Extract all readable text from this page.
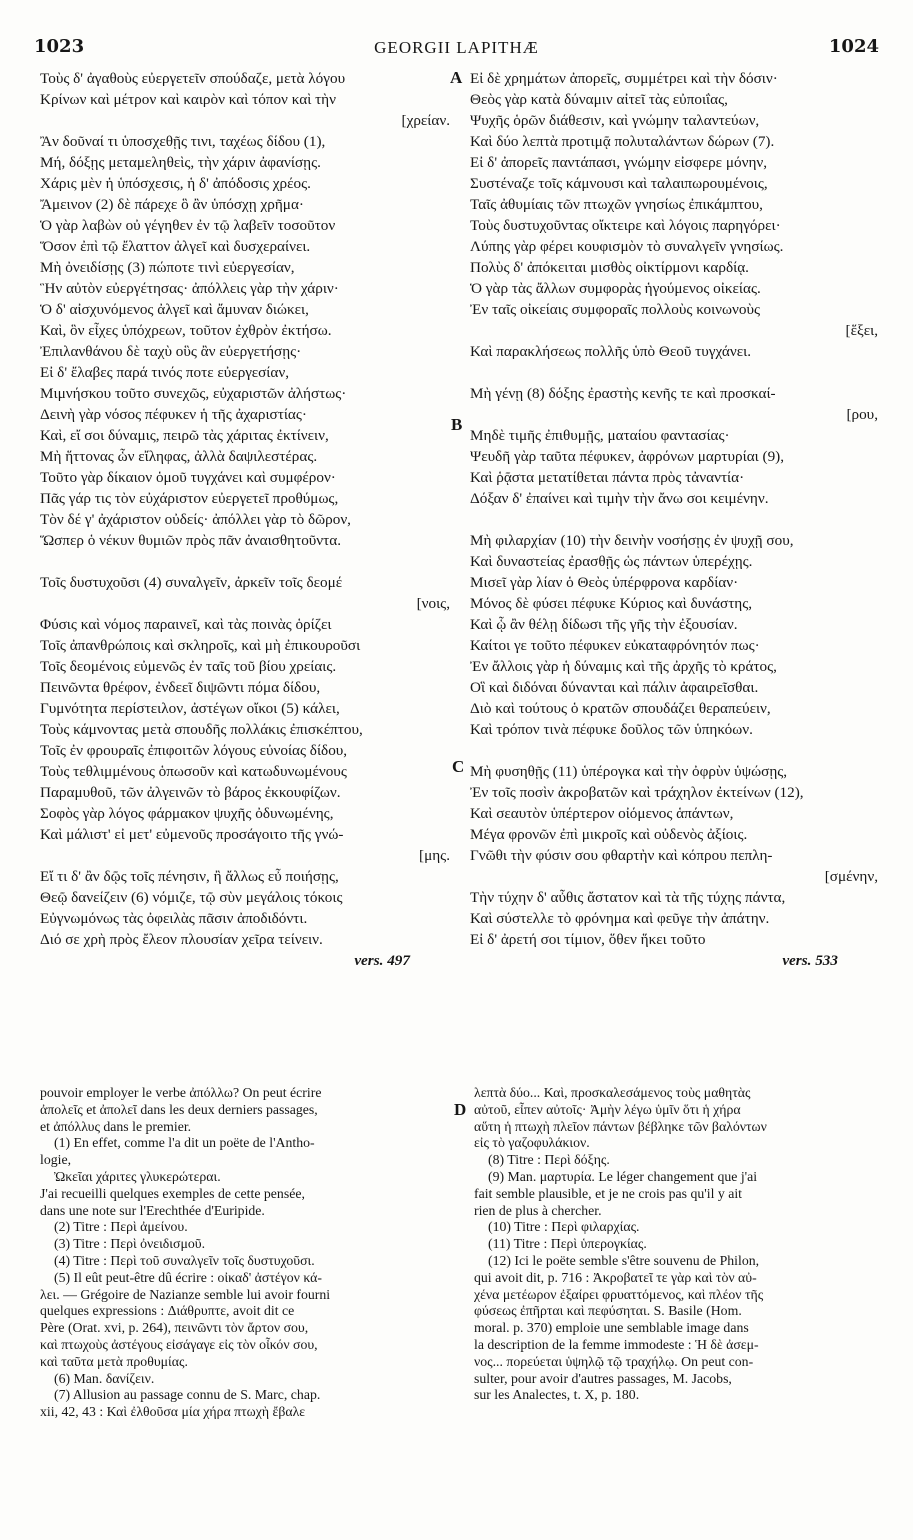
1023	GEORGII LAPITHÆ	1024
A
B
C
D
Τοὺς δ' ἀγαθοὺς εὐεργετεῖν σπούδαζε, μετὰ λόγου
Κρίνων καὶ μέτρον καὶ καιρὸν καὶ τόπον καὶ τὴν
[χρείαν.
Ἂν δοῦναί τι ὑποσχεθῇς τινι, ταχέως δίδου (1),
Μή, δόξῃς μεταμεληθεὶς, τὴν χάριν ἀφανίσῃς.
Χάρις μὲν ἡ ὑπόσχεσις, ἡ δ' ἀπόδοσις χρέος.
Ἄμεινον (2) δὲ πάρεχε ὃ ἂν ὑπόσχῃ χρῆμα·
Ὁ γὰρ λαβὼν οὐ γέγηθεν ἐν τῷ λαβεῖν τοσοῦτον
Ὅσον ἐπὶ τῷ ἔλαττον ἀλγεῖ καὶ δυσχεραίνει.
Μὴ ὀνειδίσῃς (3) πώποτε τινὶ εὐεργεσίαν,
Ἣν αὐτὸν εὐεργέτησας· ἀπόλλεις γὰρ τὴν χάριν·
Ὁ δ' αἰσχυνόμενος ἀλγεῖ καὶ ἄμυναν διώκει,
Καὶ, ὃν εἶχες ὑπόχρεων, τοῦτον ἐχθρὸν ἐκτήσω.
Ἐπιλανθάνου δὲ ταχὺ οὓς ἂν εὐεργετήσῃς·
Εἰ δ' ἔλαβες παρά τινός ποτε εὐεργεσίαν,
Μιμνήσκου τοῦτο συνεχῶς, εὐχαριστῶν ἀλήστως·
Δεινὴ γὰρ νόσος πέφυκεν ἡ τῆς ἀχαριστίας·
Καὶ, εἴ σοι δύναμις, πειρῶ τὰς χάριτας ἐκτίνειν,
Μὴ ἥττονας ὧν εἴληφας, ἀλλὰ δαψιλεστέρας.
Τοῦτο γὰρ δίκαιον ὁμοῦ τυγχάνει καὶ συμφέρον·
Πᾶς γάρ τις τὸν εὐχάριστον εὐεργετεῖ προθύμως,
Τὸν δέ γ' ἀχάριστον οὐδείς· ἀπόλλει γὰρ τὸ δῶρον,
Ὥσπερ ὁ νέκυν θυμιῶν πρὸς πᾶν ἀναισθητοῦντα.
Τοῖς δυστυχοῦσι (4) συναλγεῖν, ἀρκεῖν τοῖς δεομέ
[νοις,
Φύσις καὶ νόμος παραινεῖ, καὶ τὰς ποινὰς ὁρίζει
Τοῖς ἀπανθρώποις καὶ σκληροῖς, καὶ μὴ ἐπικουροῦσι
Τοῖς δεομένοις εὐμενῶς ἐν ταῖς τοῦ βίου χρείαις.
Πεινῶντα θρέφον, ἐνδεεῖ διψῶντι πόμα δίδου,
Γυμνότητα περίστειλον, ἀστέγων οἴκοι (5) κάλει,
Τοὺς κάμνοντας μετὰ σπουδῆς πολλάκις ἐπισκέπτου,
Τοῖς ἐν φρουραῖς ἐπιφοιτῶν λόγους εὐνοίας δίδου,
Τοὺς τεθλιμμένους ὁπωσοῦν καὶ κατωδυνωμένους
Παραμυθοῦ, τῶν ἀλγεινῶν τὸ βάρος ἐκκουφίζων.
Σοφὸς γὰρ λόγος φάρμακον ψυχῆς ὀδυνωμένης,
Καὶ μάλιστ' εἰ μετ' εὐμενοῦς προσάγοιτο τῆς γνώ-
[μης.
Εἴ τι δ' ἂν δῷς τοῖς πένησιν, ἢ ἄλλως εὖ ποιήσῃς,
Θεῷ δανείζειν (6) νόμιζε, τῷ σὺν μεγάλοις τόκοις
Εὐγνωμόνως τὰς ὀφειλὰς πᾶσιν ἀποδιδόντι.
Διό σε χρὴ πρὸς ἔλεον πλουσίαν χεῖρα τείνειν.
vers. 497
Εἰ δὲ χρημάτων ἀπορεῖς, συμμέτρει καὶ τὴν δόσιν·
Θεὸς γὰρ κατὰ δύναμιν αἰτεῖ τὰς εὐποιΐας,
Ψυχῆς ὁρῶν διάθεσιν, καὶ γνώμην ταλαντεύων,
Καὶ δύο λεπτὰ προτιμᾷ πολυταλάντων δώρων (7).
Εἰ δ' ἀπορεῖς παντάπασι, γνώμην εἰσφερε μόνην,
Συστέναζε τοῖς κάμνουσι καὶ ταλαιπωρουμένοις,
Ταῖς ἀθυμίαις τῶν πτωχῶν γνησίως ἐπικάμπτου,
Τοὺς δυστυχοῦντας οἴκτειρε καὶ λόγοις παρηγόρει·
Λύπης γὰρ φέρει κουφισμὸν τὸ συναλγεῖν γνησίως.
Πολὺς δ' ἀπόκειται μισθὸς οἰκτίρμονι καρδίᾳ.
Ὁ γὰρ τὰς ἄλλων συμφορὰς ἡγούμενος οἰκείας.
Ἐν ταῖς οἰκείαις συμφοραῖς πολλοὺς κοινωνοὺς
[ἕξει,
Καὶ παρακλήσεως πολλῆς ὑπὸ Θεοῦ τυγχάνει.
Μὴ γένῃ (8) δόξης ἐραστὴς κενῆς τε καὶ προσκαί-
[ρου,
Μηδὲ τιμῆς ἐπιθυμῇς, ματαίου φαντασίας·
Ψευδῆ γὰρ ταῦτα πέφυκεν, ἀφρόνων μαρτυρίαι (9),
Καὶ ῥᾷστα μετατίθεται πάντα πρὸς τἀναντία·
Δόξαν δ' ἐπαίνει καὶ τιμὴν τὴν ἄνω σοι κειμένην.
Μὴ φιλαρχίαν (10) τὴν δεινὴν νοσήσῃς ἐν ψυχῇ σου,
Καὶ δυναστείας ἐρασθῇς ὡς πάντων ὑπερέχῃς.
Μισεῖ γὰρ λίαν ὁ Θεὸς ὑπέρφρονα καρδίαν·
Μόνος δὲ φύσει πέφυκε Κύριος καὶ δυνάστης,
Καὶ ᾧ ἂν θέλῃ δίδωσι τῆς γῆς τὴν ἐξουσίαν.
Καίτοι γε τοῦτο πέφυκεν εὐκαταφρόνητόν πως·
Ἐν ἄλλοις γὰρ ἡ δύναμις καὶ τῆς ἀρχῆς τὸ κράτος,
Οἳ καὶ διδόναι δύνανται καὶ πάλιν ἀφαιρεῖσθαι.
Διὸ καὶ τούτους ὁ κρατῶν σπουδάζει θεραπεύειν,
Καὶ τρόπον τινὰ πέφυκε δοῦλος τῶν ὑπηκόων.
Μὴ φυσηθῇς (11) ὑπέρογκα καὶ τὴν ὀφρὺν ὑψώσῃς,
Ἐν τοῖς ποσὶν ἀκροβατῶν καὶ τράχηλον ἐκτείνων (12),
Καὶ σεαυτὸν ὑπέρτερον οἰόμενος ἁπάντων,
Μέγα φρονῶν ἐπὶ μικροῖς καὶ οὐδενὸς ἀξίοις.
Γνῶθι τὴν φύσιν σου φθαρτὴν καὶ κόπρου πεπλη-
[σμένην,
Τὴν τύχην δ' αὖθις ἄστατον καὶ τὰ τῆς τύχης πάντα,
Καὶ σύστελλε τὸ φρόνημα καὶ φεῦγε τὴν ἀπάτην.
Εἰ δ' ἀρετή σοι τίμιον, ὅθεν ἥκει τοῦτο
vers. 533
pouvoir employer le verbe ἀπόλλω? On peut écrire
ἀπολεῖς et ἀπολεῖ dans les deux derniers passages,
et ἀπόλλυς dans le premier.
(1) En effet, comme l'a dit un poëte de l'Antho-
logie,
Ὠκεῖαι χάριτες γλυκερώτεραι.
J'ai recueilli quelques exemples de cette pensée,
dans une note sur l'Erechthée d'Euripide.
(2) Titre : Περὶ ἀμείνου.
(3) Titre : Περὶ ὀνειδισμοῦ.
(4) Titre : Περὶ τοῦ συναλγεῖν τοῖς δυστυχοῦσι.
(5) Il eût peut-être dû écrire : οἰκαδ' ἀστέγον κά-
λει. — Grégoire de Nazianze semble lui avoir fourni
quelques expressions : Διάθρυπτε, avoit dit ce
Père (Orat. xvi, p. 264), πεινῶντι τὸν ἄρτον σου,
καὶ πτωχοὺς ἀστέγους εἰσάγαγε εἰς τὸν οἶκόν σου,
καὶ ταῦτα μετὰ προθυμίας.
(6) Man. δανίζειν.
(7) Allusion au passage connu de S. Marc, chap.
xii, 42, 43 : Καὶ ἐλθοῦσα μία χήρα πτωχὴ ἔβαλε
λεπτὰ δύο... Καὶ, προσκαλεσάμενος τοὺς μαθητὰς
αὐτοῦ, εἶπεν αὐτοῖς· Ἀμὴν λέγω ὑμῖν ὅτι ἡ χήρα
αὕτη ἡ πτωχὴ πλεῖον πάντων βέβληκε τῶν βαλόντων
εἰς τὸ γαζοφυλάκιον.
(8) Titre : Περὶ δόξης.
(9) Man. μαρτυρία. Le léger changement que j'ai
fait semble plausible, et je ne crois pas qu'il y ait
rien de plus à chercher.
(10) Titre : Περὶ φιλαρχίας.
(11) Titre : Περὶ ὑπερογκίας.
(12) Ici le poëte semble s'être souvenu de Philon,
qui avoit dit, p. 716 : Ἀκροβατεῖ τε γὰρ καὶ τὸν αὐ-
χένα μετέωρον ἐξαίρει φρυαττόμενος, καὶ πλέον τῆς
φύσεως ἐπῆρται καὶ πεφύσηται. S. Basile (Hom.
moral. p. 370) emploie une semblable image dans
la description de la femme immodeste : Ἡ δὲ ἀσεμ-
νος... πορεύεται ὑψηλῷ τῷ τραχήλῳ. On peut con-
sulter, pour avoir d'autres passages, M. Jacobs,
sur les Analectes, t. X, p. 180.
